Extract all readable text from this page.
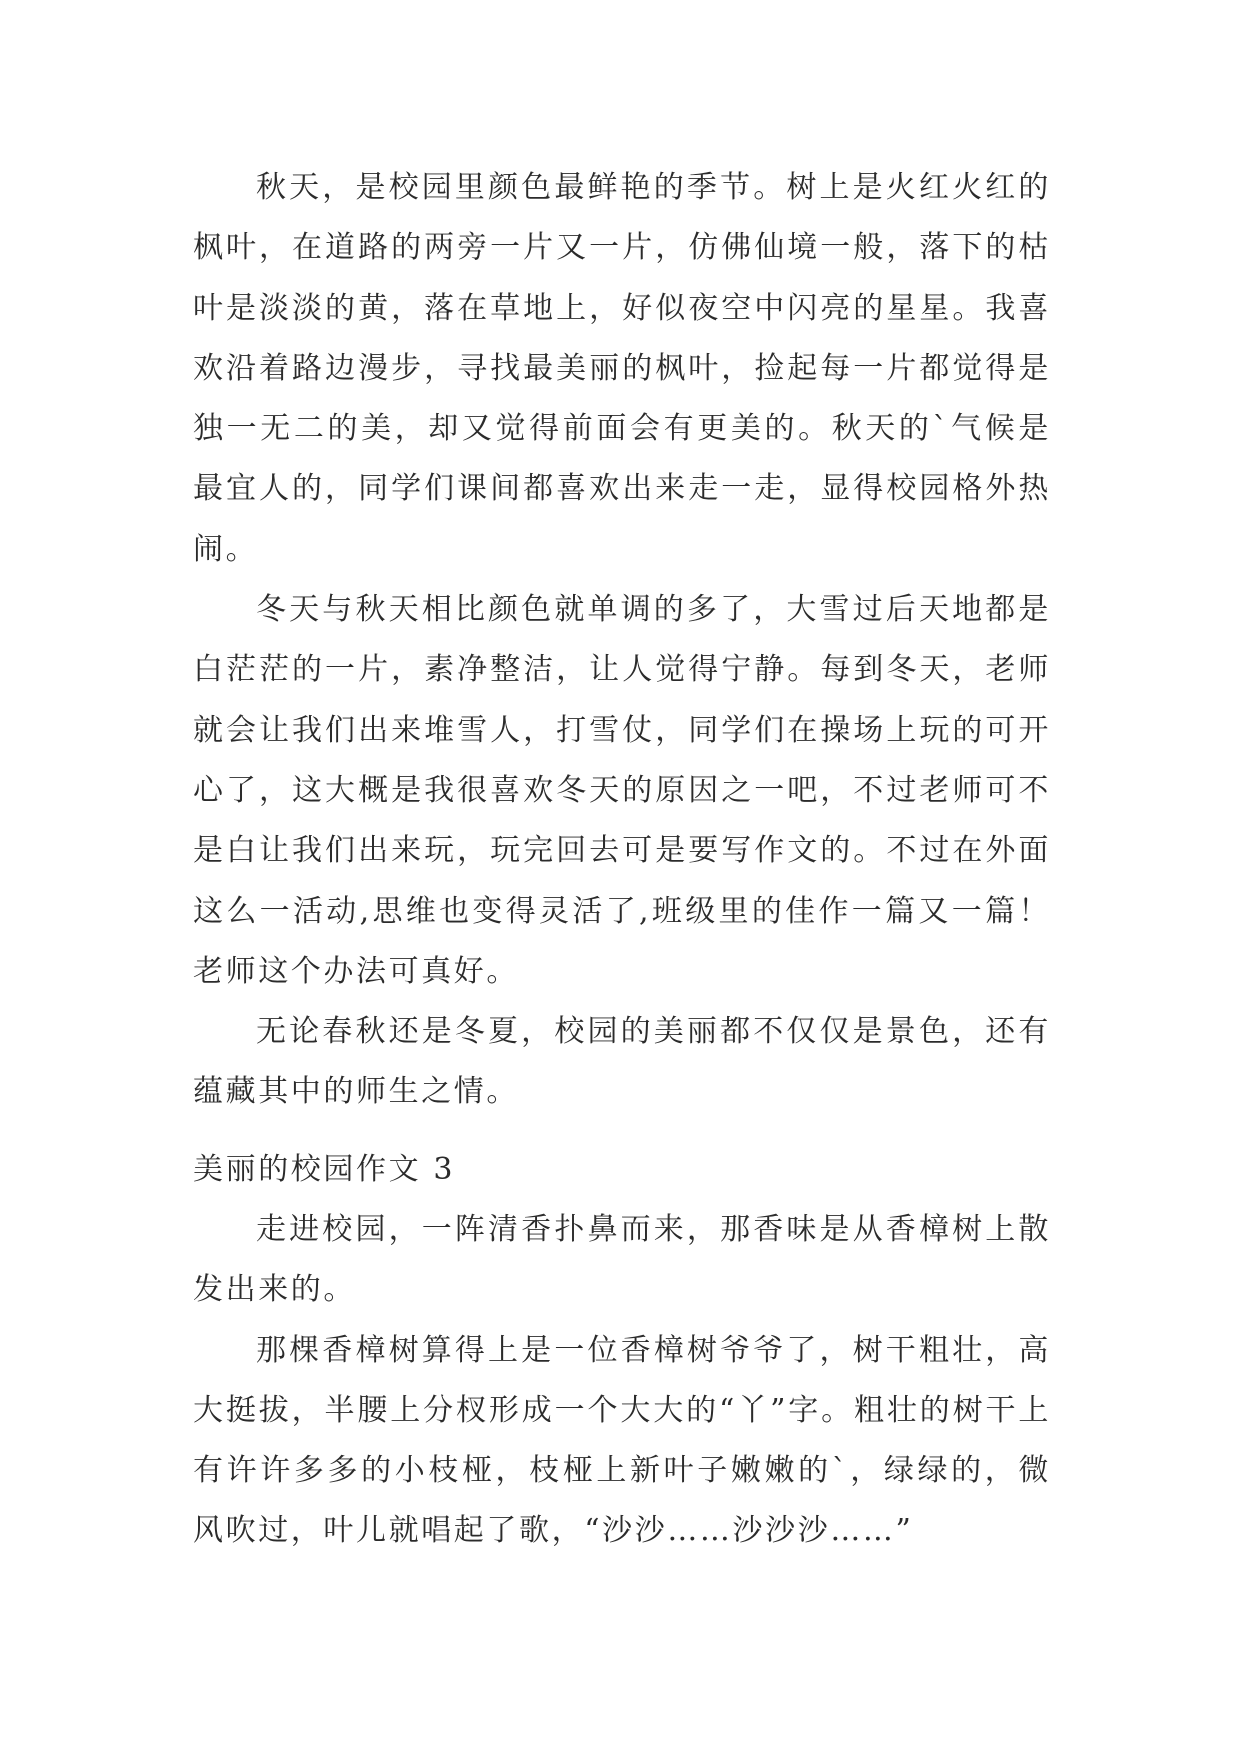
秋天，是校园里颜色最鲜艳的季节。树上是火红火红的枫叶，在道路的两旁一片又一片，仿佛仙境一般，落下的枯叶是淡淡的黄，落在草地上，好似夜空中闪亮的星星。我喜欢沿着路边漫步，寻找最美丽的枫叶，捡起每一片都觉得是独一无二的美，却又觉得前面会有更美的。秋天的`气候是最宜人的，同学们课间都喜欢出来走一走，显得校园格外热闹。

冬天与秋天相比颜色就单调的多了，大雪过后天地都是白茫茫的一片，素净整洁，让人觉得宁静。每到冬天，老师就会让我们出来堆雪人，打雪仗，同学们在操场上玩的可开心了，这大概是我很喜欢冬天的原因之一吧，不过老师可不是白让我们出来玩，玩完回去可是要写作文的。不过在外面这么一活动,思维也变得灵活了,班级里的佳作一篇又一篇！老师这个办法可真好。

无论春秋还是冬夏，校园的美丽都不仅仅是景色，还有蕴藏其中的师生之情。

美丽的校园作文 3

走进校园，一阵清香扑鼻而来，那香味是从香樟树上散发出来的。

那棵香樟树算得上是一位香樟树爷爷了，树干粗壮，高大挺拔，半腰上分杈形成一个大大的“丫”字。粗壮的树干上有许许多多的小枝桠，枝桠上新叶子嫩嫩的`，绿绿的，微风吹过，叶儿就唱起了歌，“沙沙……沙沙沙……”
